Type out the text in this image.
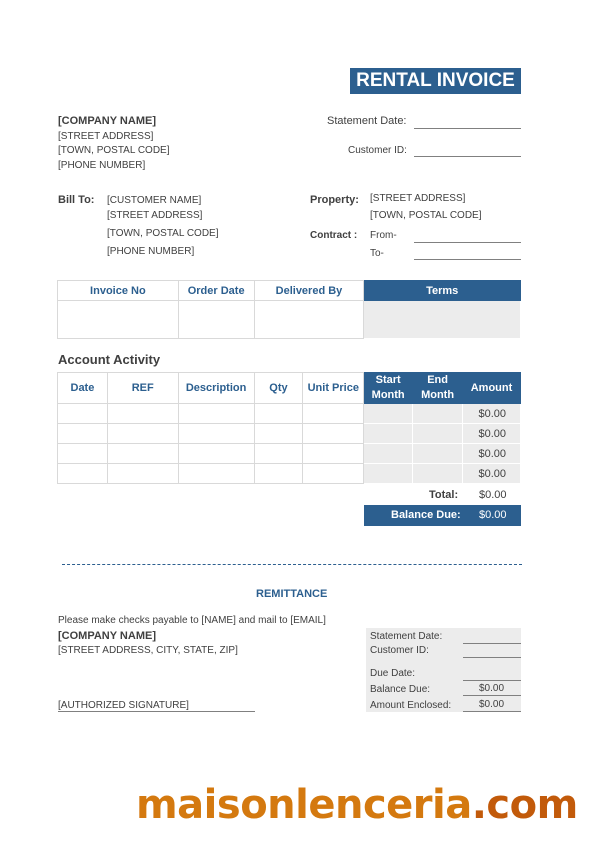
RENTAL INVOICE
[COMPANY NAME]
[STREET ADDRESS]
[TOWN, POSTAL CODE]
[PHONE NUMBER]
Statement Date:
Customer ID:
Bill To: [CUSTOMER NAME]
[STREET ADDRESS]
[TOWN, POSTAL CODE]
[PHONE NUMBER]
Property: [STREET ADDRESS]
[TOWN, POSTAL CODE]
Contract : From-
To-
Invoice No	Order Date	Delivered By	Terms

Account Activity
Date	REF	Description	Qty	Unit Price	Start Month	End Month	Amount
							$0.00
							$0.00
							$0.00
							$0.00
Total: $0.00
Balance Due: $0.00
REMITTANCE
Please make checks payable to [NAME] and mail to [EMAIL]
[COMPANY NAME]
[STREET ADDRESS, CITY, STATE, ZIP]
[AUTHORIZED SIGNATURE]
Statement Date:
Customer ID:
Due Date:
Balance Due:	$0.00
Amount Enclosed:	$0.00
maisonlenceria.com
